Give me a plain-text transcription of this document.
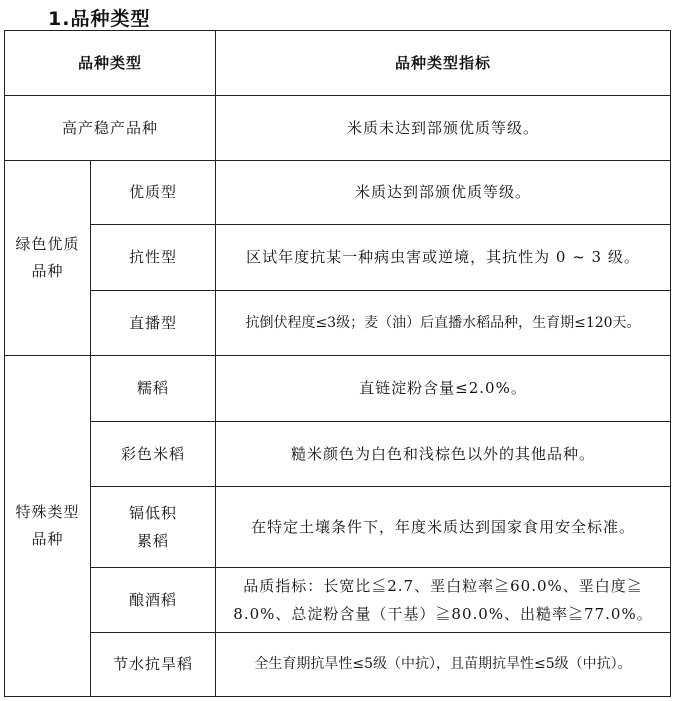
1.品种类型
品种类型		品种类型指标
高产稳产品种		米质未达到部颁优质等级。

绿色优质
品种	优质型	米质达到部颁优质等级。
	抗性型	区试年度抗某一种病虫害或逆境，其抗性为 0 ~ 3 级。
	直播型	抗倒伏程度≤3级；麦（油）后直播水稻品种，生育期≤120天。

特殊类型
品种	糯稻	直链淀粉含量≤2.0%。
	彩色米稻	糙米颜色为白色和浅棕色以外的其他品种。

	镉低积
累稻	在特定土壤条件下，年度米质达到国家食用安全标准。
	酿酒稻	品质指标：长宽比≦2.7、垩白粒率≧60.0%、垩白度≧
8.0%、总淀粉含量（干基）≧80.0%、出糙率≧77.0%。

	节水抗旱稻	全生育期抗旱性≤5级（中抗），且苗期抗旱性≤5级（中抗）。
